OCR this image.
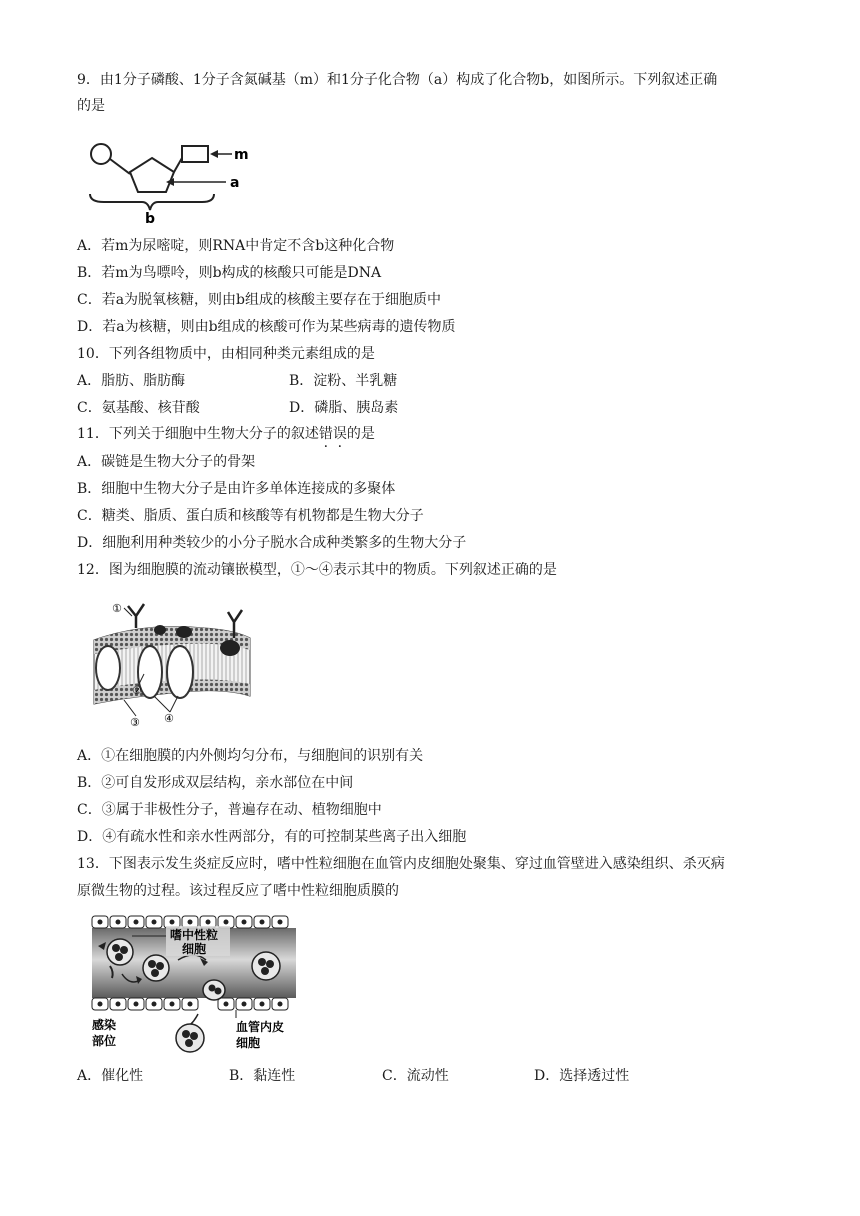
9．由1分子磷酸、1分子含氮碱基（m）和1分子化合物（a）构成了化合物b，如图所示。下列叙述正确
的是
m
a
b
A．若m为尿嘧啶，则RNA中肯定不含b这种化合物
B．若m为鸟嘌呤，则b构成的核酸只可能是DNA
C．若a为脱氧核糖，则由b组成的核酸主要存在于细胞质中
D．若a为核糖，则由b组成的核酸可作为某些病毒的遗传物质
10．下列各组物质中，由相同种类元素组成的是
A．脂肪、脂肪酶	B．淀粉、半乳糖
C．氨基酸、核苷酸	D．磷脂、胰岛素
11．下列关于细胞中生物大分子的叙述错误的是
A．碳链是生物大分子的骨架
B．细胞中生物大分子是由许多单体连接成的多聚体
C．糖类、脂质、蛋白质和核酸等有机物都是生物大分子
D．细胞利用种类较少的小分子脱水合成种类繁多的生物大分子
12．图为细胞膜的流动镶嵌模型，①～④表示其中的物质。下列叙述正确的是
①
②
③ ④
A．①在细胞膜的内外侧均匀分布，与细胞间的识别有关
B．②可自发形成双层结构，亲水部位在中间
C．③属于非极性分子，普遍存在动、植物细胞中
D．④有疏水性和亲水性两部分，有的可控制某些离子出入细胞
13．下图表示发生炎症反应时，嗜中性粒细胞在血管内皮细胞处聚集、穿过血管壁进入感染组织、杀灭病
原微生物的过程。该过程反应了嗜中性粒细胞质膜的
嗜中性粒
细胞
感染
部位
血管内皮
细胞
A．催化性	B．黏连性	C．流动性	D．选择透过性
